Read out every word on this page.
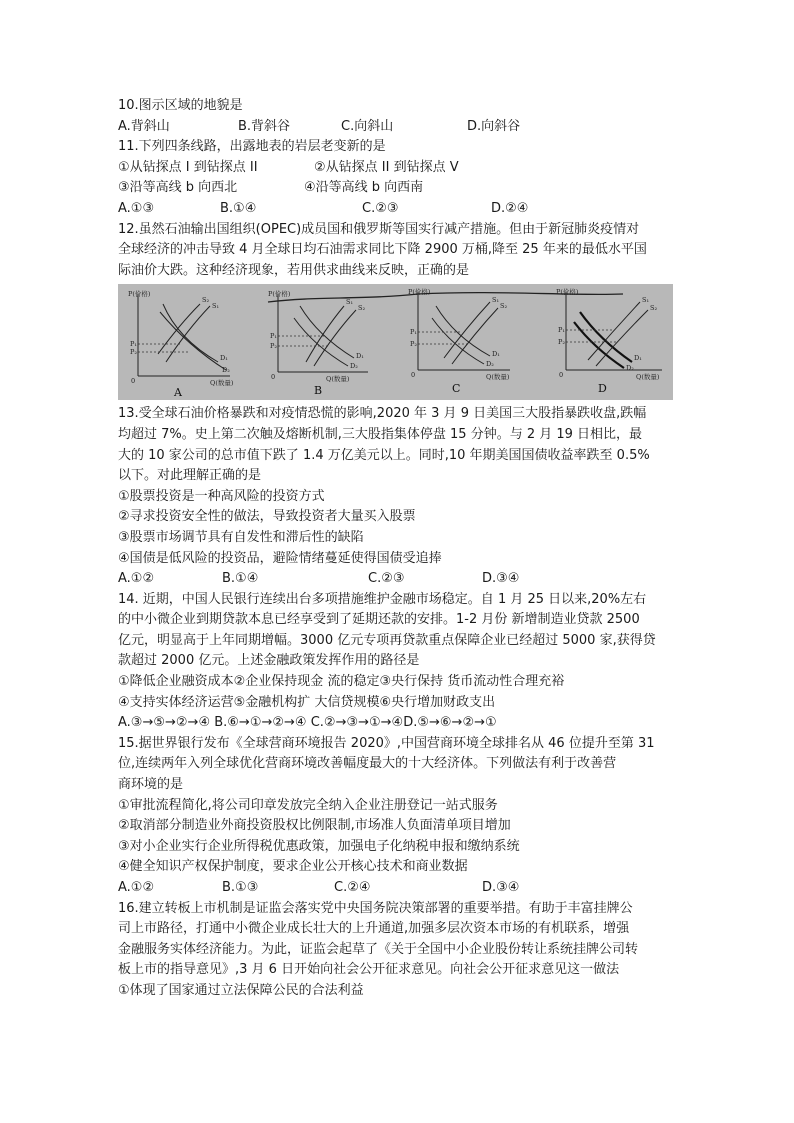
10.图示区域的地貌是
A.背斜山	B.背斜谷	C.向斜山	D.向斜谷
11.下列四条线路，出露地表的岩层老变新的是
①从钻探点 I 到钻探点 II	②从钻探点 II 到钻探点 V
③沿等高线 b 向西北	④沿等高线 b 向西南
A.①③	B.①④	C.②③	D.②④
12.虽然石油输出国组织(OPEC)成员国和俄罗斯等国实行减产措施。但由于新冠肺炎疫情对
全球经济的冲击导致 4 月全球日均石油需求同比下降 2900 万桶,降至 25 年来的最低水平国
际油价大跌。这种经济现象，若用供求曲线来反映，正确的是
P(价格)
Q(数量)
0
P₁
P₂
S₁
S₂
D₁
D₂
A
P(价格)
Q(数量)
0
P₁
P₂
S₁
S₂
D₁
D₂
B
P(价格)
Q(数量)
0
P₁
P₂
S₁
S₂
D₁
D₂
C
P(价格)
Q(数量)
0
P₁
P₂
S₁
S₂
D₁
D₂
D
13.受全球石油价格暴跌和对疫情恐慌的影响,2020 年 3 月 9 日美国三大股指暴跌收盘,跌幅
均超过 7%。史上第二次触及熔断机制,三大股指集体停盘 15 分钟。与 2 月 19 日相比，最
大的 10 家公司的总市值下跌了 1.4 万亿美元以上。同时,10 年期美国国债收益率跌至 0.5%
以下。对此理解正确的是
①股票投资是一种高风险的投资方式
②寻求投资安全性的做法，导致投资者大量买入股票
③股票市场调节具有自发性和滞后性的缺陷
④国债是低风险的投资品，避险情绪蔓延使得国债受追捧
A.①②	B.①④	C.②③	D.③④
14. 近期，中国人民银行连续出台多项措施维护金融市场稳定。自 1 月 25 日以来,20%左右
的中小微企业到期贷款本息已经享受到了延期还款的安排。1-2 月份 新增制造业贷款 2500
亿元，明显高于上年同期增幅。3000 亿元专项再贷款重点保障企业已经超过 5000 家,获得贷
款超过 2000 亿元。上述金融政策发挥作用的路径是
①降低企业融资成本②企业保持现金 流的稳定③央行保持 货币流动性合理充裕
④支持实体经济运营⑤金融机构扩 大信贷规模⑥央行增加财政支出
A.③→⑤→②→④ B.⑥→①→②→④ C.②→③→①→④D.⑤→⑥→②→①
15.据世界银行发布《全球营商环境报告 2020》,中国营商环境全球排名从 46 位提升至第 31
位,连续两年入列全球优化营商环境改善幅度最大的十大经济体。下列做法有利于改善营
商环境的是
①审批流程简化,将公司印章发放完全纳入企业注册登记一站式服务
②取消部分制造业外商投资股权比例限制,市场准人负面清单项目增加
③对小企业实行企业所得税优惠政策，加强电子化纳税申报和缴纳系统
④健全知识产权保护制度，要求企业公开核心技术和商业数据
A.①②	B.①③	C.②④	D.③④
16.建立转板上市机制是证监会落实党中央国务院决策部署的重要举措。有助于丰富挂牌公
司上市路径，打通中小微企业成长壮大的上升通道,加强多层次资本市场的有机联系，增强
金融服务实体经济能力。为此，证监会起草了《关于全国中小企业股份转让系统挂牌公司转
板上市的指导意见》,3 月 6 日开始向社会公开征求意见。向社会公开征求意见这一做法
①体现了国家通过立法保障公民的合法利益
